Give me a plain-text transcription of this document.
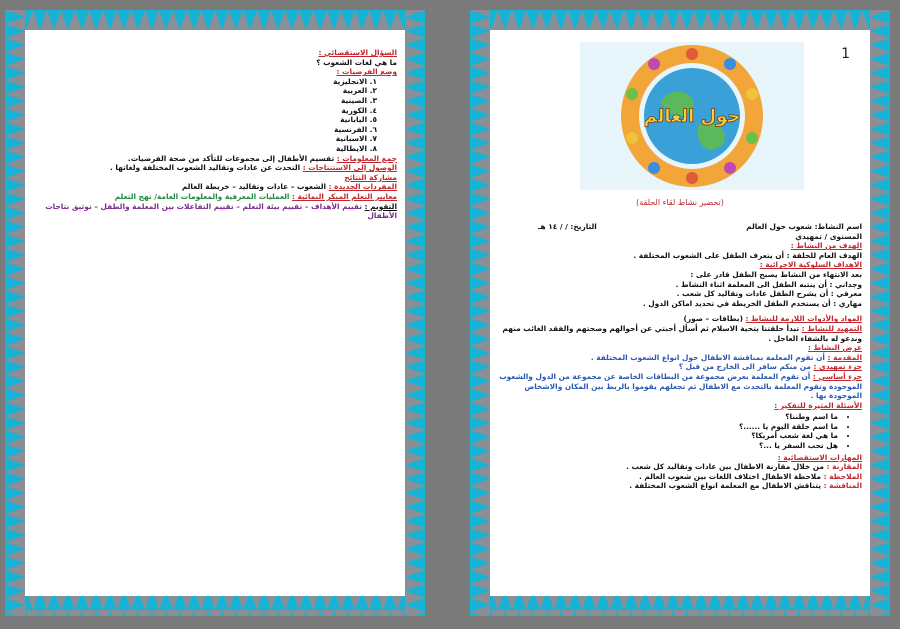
السؤال الاستقصائي :
ما هي لغات الشعوب ؟
وضع الفرضيات :
١. الانجليزية
٢. العربية
٣. الصينية
٤. الكورية
٥. اليابانية
٦. الفرنسية
٧. الاسبانية
٨. الايطالية
جمع المعلومات : تقسيم الأطفال إلى مجموعات للتأكد من صحة الفرضيات.
الوصول إلى الاستنتاجات : التحدث عن عادات وتقاليد الشعوب المختلفة ولغاتها .
مشاركة النتائج
المفردات الجديدة : الشعوب – عادات وتقاليد – خريطة العالم
معايير التعلم المبكر النمائية : العمليات المعرفية والمعلومات العامة/ نهج التعلم
التقويم : تقييم الأهداف – تقييم بيئة التعلم – تقييم التفاعلات بين المعلمة والطفل – توثيق نتاجات الأطفال
1
حول العالم
(تحضير نشاط لقاء الحلقة)
اسم النشاط: شعوب حول العالم
التاريخ: / / ١٤ هـ
المستوى / تمهيدي
الهدف من النشاط :
الهدف العام للحلقة : أن يتعرف الطفل على الشعوب المختلفة .
الاهداف السلوكية الاجرائية :
بعد الانتهاء من النشاط يصبح الطفل قادر على :
وجداني : أن ينتبه الطفل الى المعلمة اثناء النشاط .
معرفي : أن يشرح الطفل عادات وتقاليد كل شعب .
مهاري : أن يستخدم الطفل الخريطة في تحديد اماكن الدول .
المواد والأدوات اللازمة للنشاط : (بطاقات – صور)
التمهيد للنشاط : تبدأ حلقتنا بتحية الاسلام ثم أسأل أحبتي عن أحوالهم وصحتهم والفقد الغائب منهم وندعو له بالشفاء العاجل .
عرض النشاط :
المقدمة : أن تقوم المعلمة بمناقشة الاطفال حول انواع الشعوب المختلفة .
جزء تمهيدي : من منكم سافر الى الخارج من قبل ؟
جزء أساسي : أن تقوم المعلمة بعرض مجموعة من البطاقات الخاصة عن مجموعة من الدول والشعوب الموجودة وتقوم المعلمة بالتحدث مع الاطفال ثم تجعلهم يقوموا بالربط بين المكان والاشخاص الموجودة بها .
الأسئلة المثيرة للتفكير :
• ما اسم وطننا؟
• ما اسم حلقة اليوم يا ......؟
• ما هي لغة شعب أمريكا؟
• هل تحب السفر يا ...؟
المهارات الاستقصائية :
المقارنة : من خلال مقارنة الاطفال بين عادات وتقاليد كل شعب .
الملاحظة : ملاحظة الاطفال اختلاف اللغات بين شعوب العالم .
المناقشة : يتناقش الاطفال مع المعلمة انواع الشعوب المختلفة .
